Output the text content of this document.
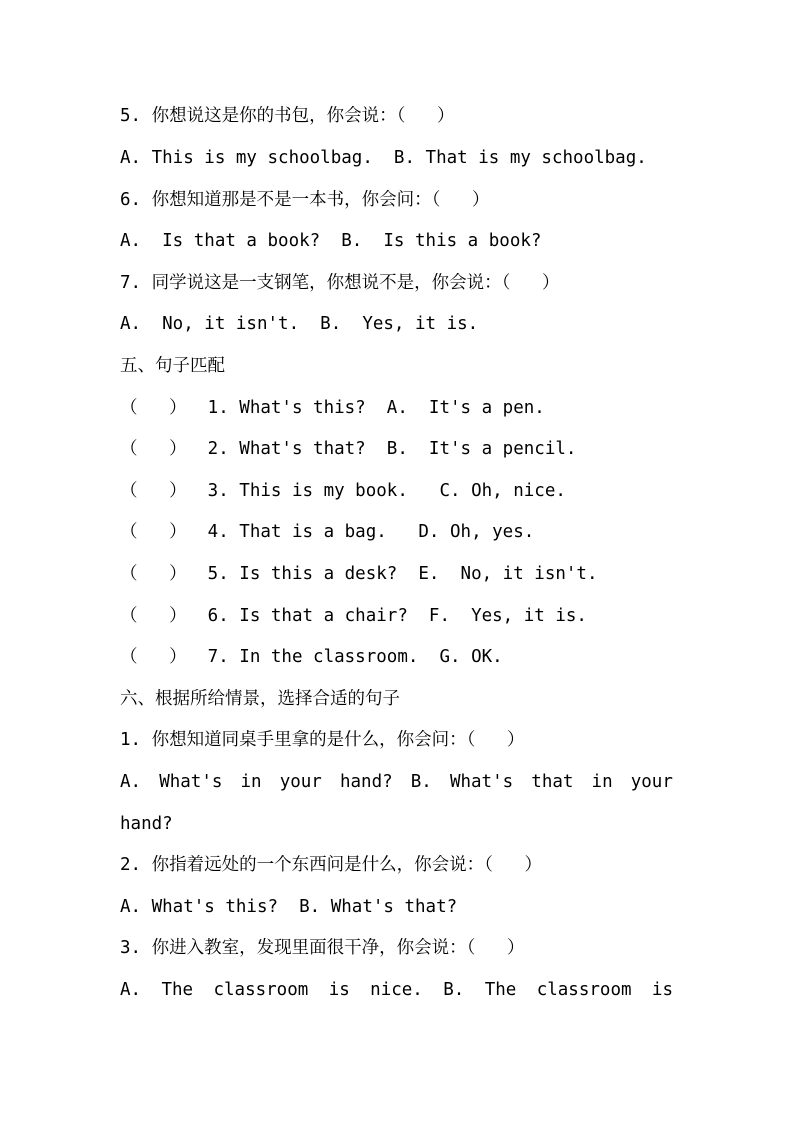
5. 你想说这是你的书包，你会说：（   ）
A. This is my schoolbag.  B. That is my schoolbag.
6. 你想知道那是不是一本书，你会问：（   ）
A.  Is that a book?  B.  Is this a book?
7. 同学说这是一支钢笔，你想说不是，你会说：（   ）
A.  No, it isn't.  B.  Yes, it is.
五、句子匹配
（   ）  1. What's this?  A.  It's a pen.
（   ）  2. What's that?  B.  It's a pencil.
（   ）  3. This is my book.   C. Oh, nice.
（   ）  4. That is a bag.   D. Oh, yes.
（   ）  5. Is this a desk?  E.  No, it isn't.
（   ）  6. Is that a chair?  F.  Yes, it is.
（   ）  7. In the classroom.  G. OK.
六、根据所给情景，选择合适的句子
1. 你想知道同桌手里拿的是什么，你会问：（   ）
A. What's in your hand? B. What's that in your
hand?
2. 你指着远处的一个东西问是什么，你会说：（   ）
A. What's this?  B. What's that?
3. 你进入教室，发现里面很干净，你会说：（   ）
A. The classroom is nice. B. The classroom is
